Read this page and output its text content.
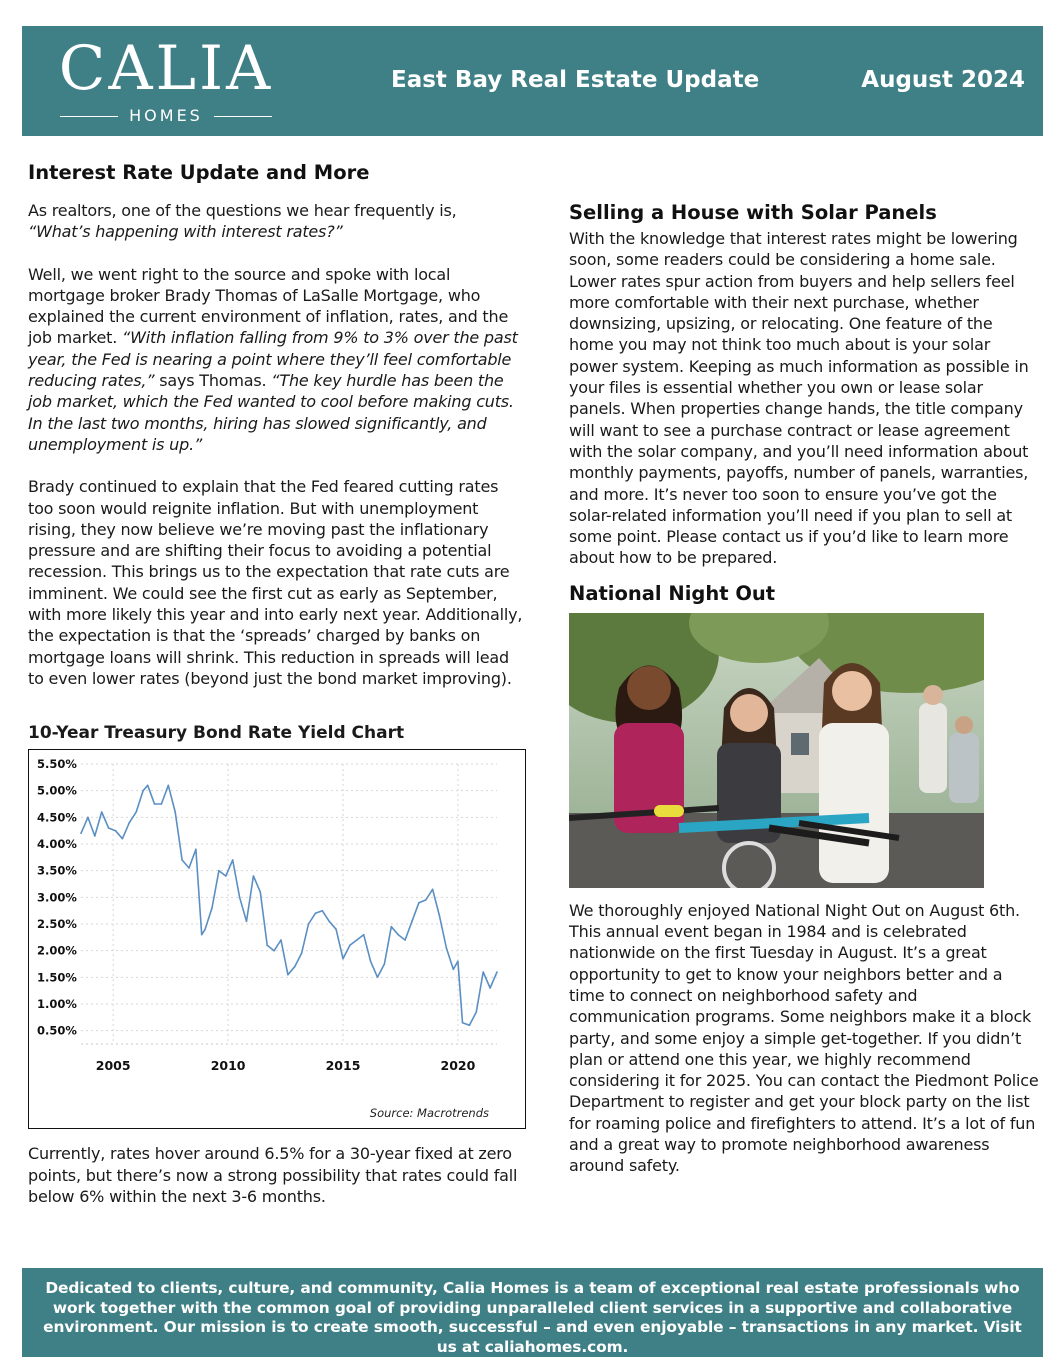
CALIA
HOMES
East Bay Real Estate Update	August 2024
Interest Rate Update and More

As realtors, one of the questions we hear frequently is,
“What’s happening with interest rates?”

Well, we went right to the source and spoke with local mortgage broker Brady Thomas of LaSalle Mortgage, who explained the current environment of inflation, rates, and the job market. “With inflation falling from 9% to 3% over the past year, the Fed is nearing a point where they’ll feel comfortable reducing rates,” says Thomas. “The key hurdle has been the job market, which the Fed wanted to cool before making cuts. In the last two months, hiring has slowed significantly, and unemployment is up.”

Brady continued to explain that the Fed feared cutting rates too soon would reignite inflation. But with unemployment rising, they now believe we’re moving past the inflationary pressure and are shifting their focus to avoiding a potential recession. This brings us to the expectation that rate cuts are imminent. We could see the first cut as early as September, with more likely this year and into early next year. Additionally, the expectation is that the ‘spreads’ charged by banks on mortgage loans will shrink. This reduction in spreads will lead to even lower rates (beyond just the bond market improving).

10-Year Treasury Bond Rate Yield Chart
5.50%
5.00%
4.50%
4.00%
3.50%
3.00%
2.50%
2.00%
1.50%
1.00%
0.50%
2005	2010	2015	2020
Source: Macrotrends

Currently, rates hover around 6.5% for a 30-year fixed at zero points, but there’s now a strong possibility that rates could fall below 6% within the next 3-6 months.

Selling a House with Solar Panels

With the knowledge that interest rates might be lowering soon, some readers could be considering a home sale. Lower rates spur action from buyers and help sellers feel more comfortable with their next purchase, whether downsizing, upsizing, or relocating. One feature of the home you may not think too much about is your solar power system. Keeping as much information as possible in your files is essential whether you own or lease solar panels. When properties change hands, the title company will want to see a purchase contract or lease agreement with the solar company, and you’ll need information about monthly payments, payoffs, number of panels, warranties, and more. It’s never too soon to ensure you’ve got the solar-related information you’ll need if you plan to sell at some point. Please contact us if you’d like to learn more about how to be prepared.

National Night Out

We thoroughly enjoyed National Night Out on August 6th. This annual event began in 1984 and is celebrated nationwide on the first Tuesday in August. It’s a great opportunity to get to know your neighbors better and a time to connect on neighborhood safety and communication programs. Some neighbors make it a block party, and some enjoy a simple get-together. If you didn’t plan or attend one this year, we highly recommend considering it for 2025. You can contact the Piedmont Police Department to register and get your block party on the list for roaming police and firefighters to attend. It’s a lot of fun and a great way to promote neighborhood awareness around safety.

Dedicated to clients, culture, and community, Calia Homes is a team of exceptional real estate professionals who work together with the common goal of providing unparalleled client services in a supportive and collaborative environment. Our mission is to create smooth, successful – and even enjoyable – transactions in any market. Visit us at caliahomes.com.
